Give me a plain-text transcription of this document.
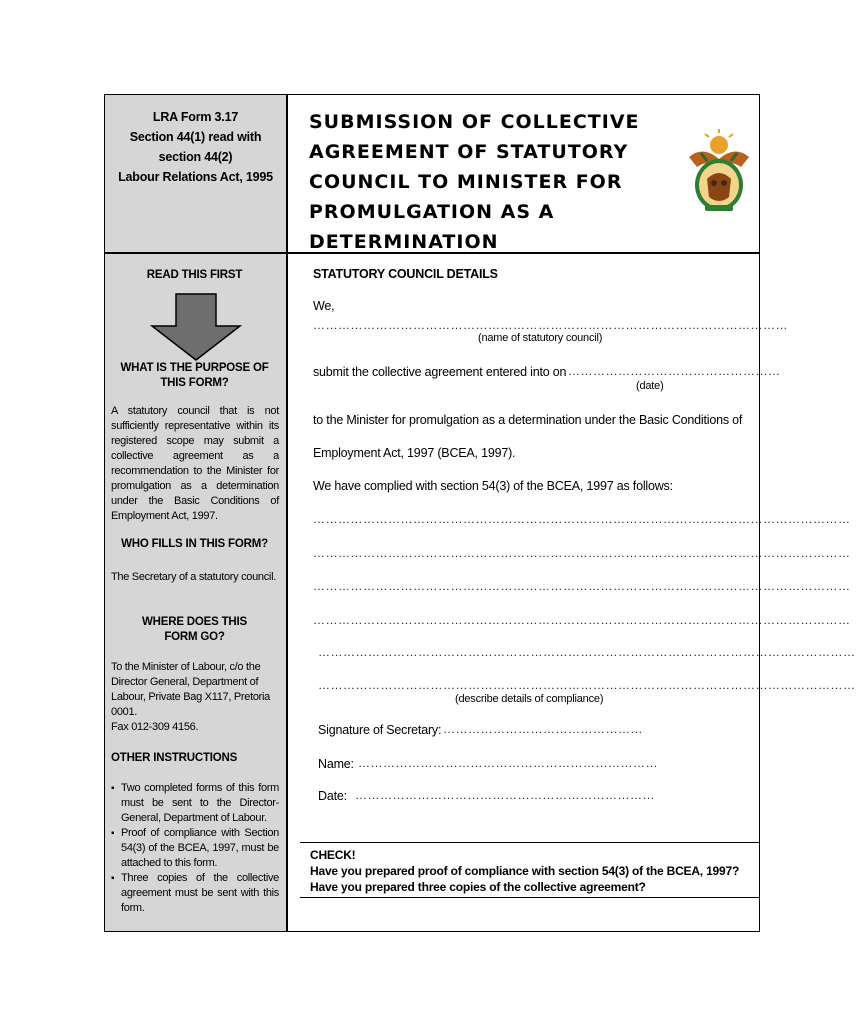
LRA Form 3.17
Section 44(1) read with
section 44(2)
Labour Relations Act, 1995
SUBMISSION OF COLLECTIVE
AGREEMENT OF STATUTORY
COUNCIL TO MINISTER FOR
PROMULGATION AS A
DETERMINATION
READ THIS FIRST
WHAT IS THE PURPOSE OF
THIS FORM?
A statutory council that is not sufficiently representative within its registered scope may submit a collective agreement as a recommendation to the Minister for promulgation as a determination under the Basic Conditions of Employment Act, 1997.
WHO FILLS IN THIS FORM?
The Secretary of a statutory council.
WHERE DOES THIS
FORM GO?
To the Minister of Labour, c/o the Director General, Department of Labour, Private Bag X117, Pretoria 0001.
Fax 012-309 4156.
OTHER INSTRUCTIONS
▪ Two completed forms of this form must be sent to the Director-General, Department of Labour.
▪ Proof of compliance with Section 54(3) of the BCEA, 1997, must be attached to this form.
▪ Three copies of the collective agreement must be sent with this form.
STATUTORY COUNCIL DETAILS
We,
……………………………………………………………………………………………………
(name of statutory council)
submit the collective agreement entered into on ……………………………………………
(date)
to the Minister for promulgation as a determination under the Basic Conditions of
Employment Act, 1997 (BCEA, 1997).
We have complied with section 54(3) of the BCEA, 1997 as follows:
…………………………………………………………………………………………………………………
…………………………………………………………………………………………………………………
…………………………………………………………………………………………………………………
…………………………………………………………………………………………………………………
…………………………………………………………………………………………………………………
…………………………………………………………………………………………………………………
(describe details of compliance)
Signature of Secretary: …………………………………………
Name: ………………………………………………………………
Date: ………………………………………………………………
CHECK!
Have you prepared proof of compliance with section 54(3) of the BCEA, 1997?
Have you prepared three copies of the collective agreement?
